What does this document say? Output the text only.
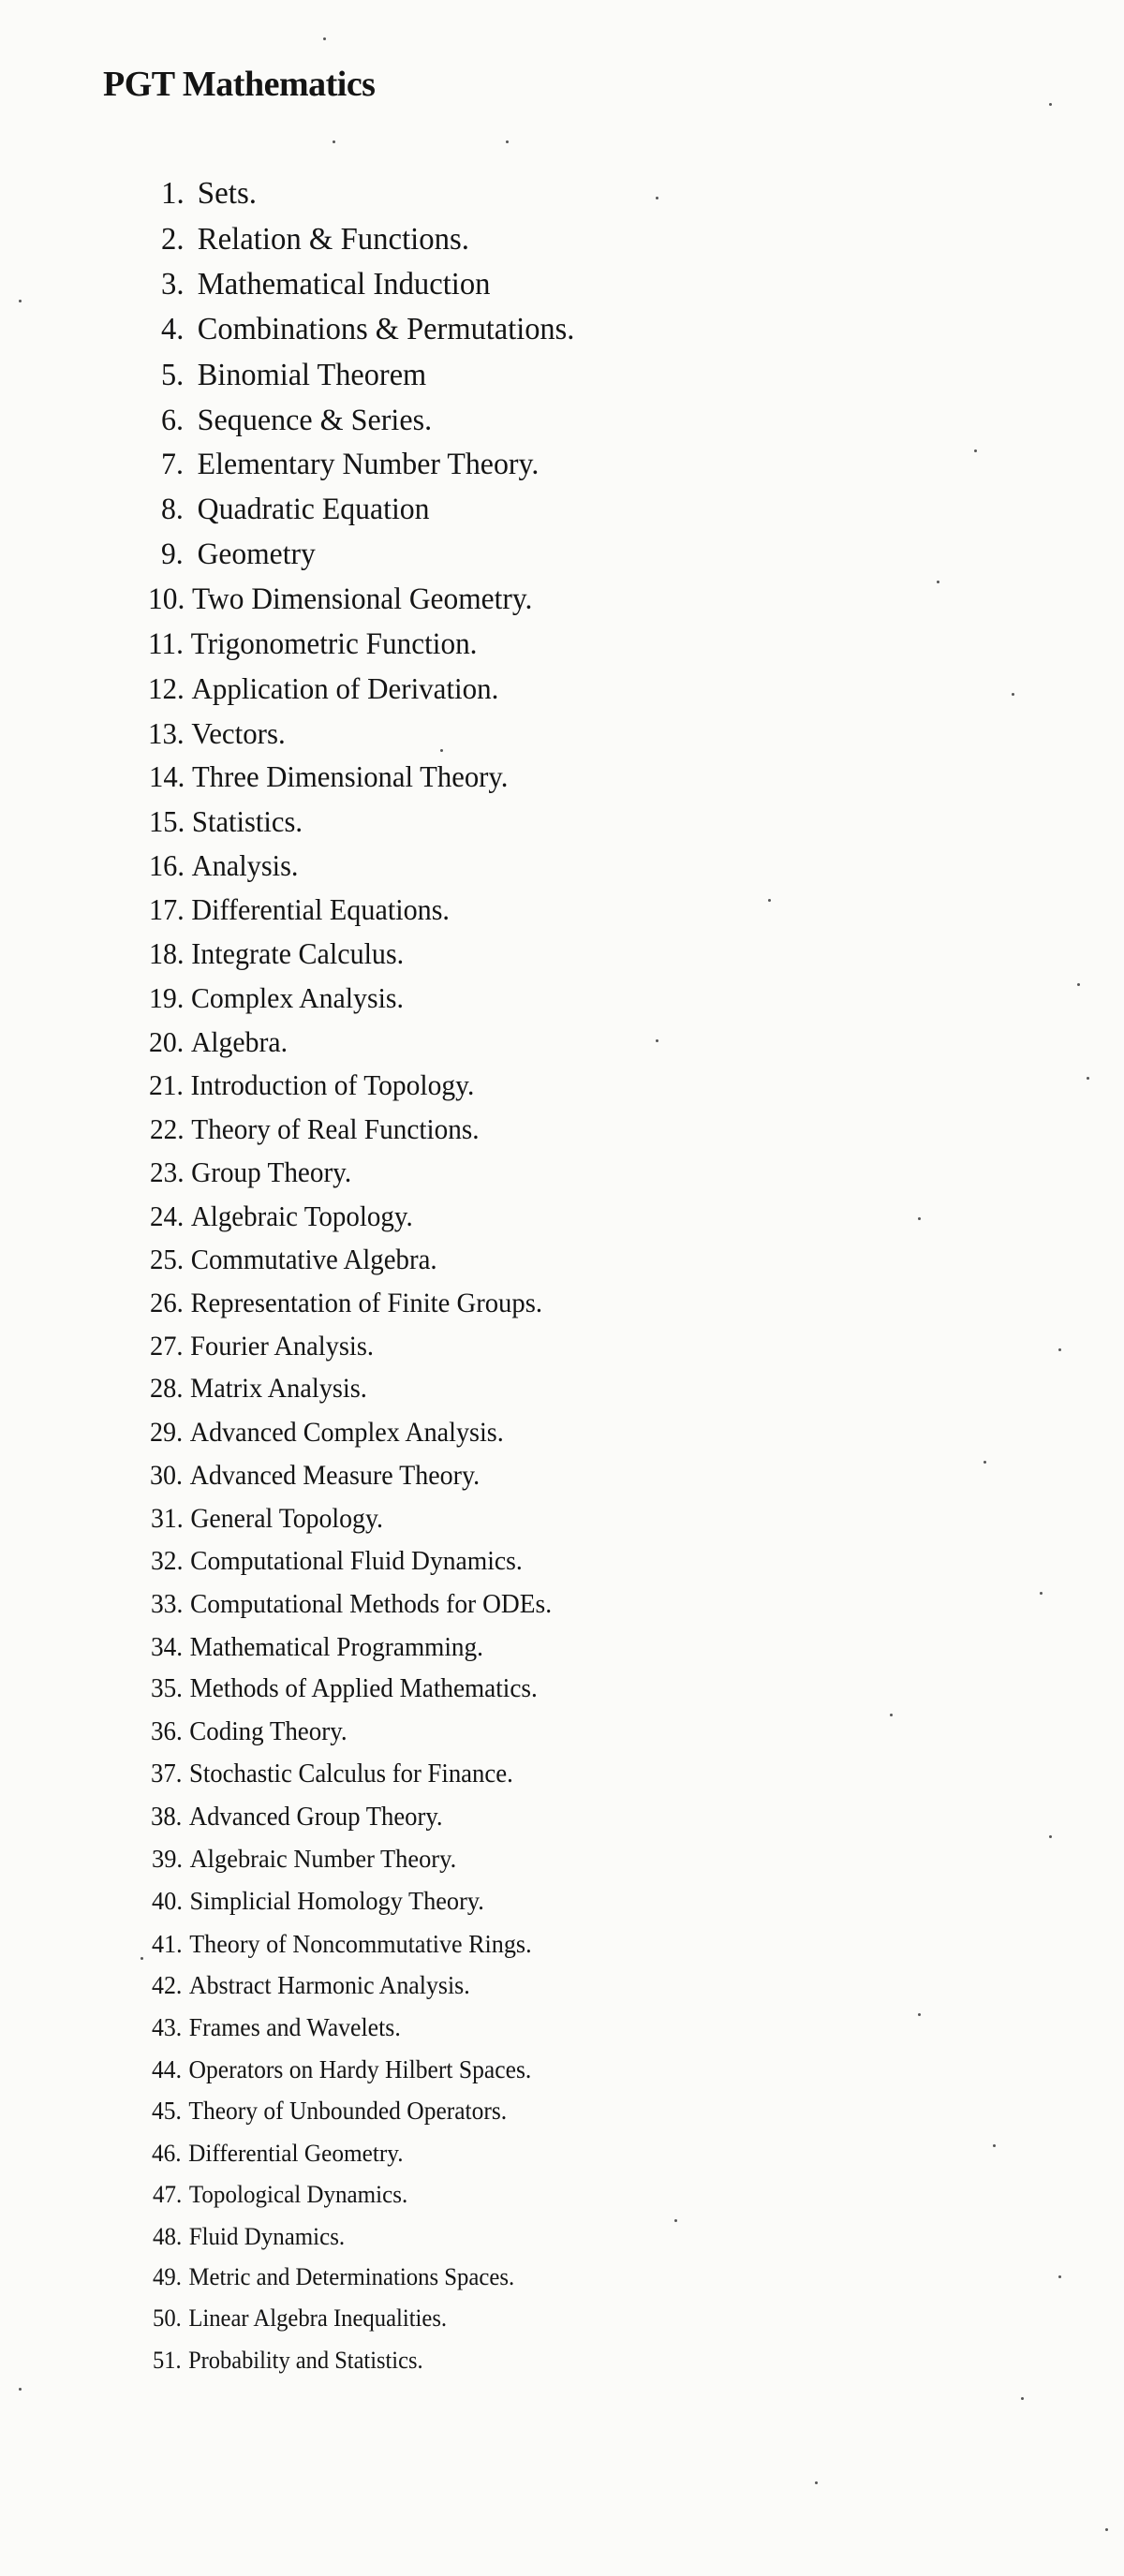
PGT Mathematics
1. Sets.
2. Relation & Functions.
3. Mathematical Induction
4. Combinations & Permutations.
5. Binomial Theorem
6. Sequence & Series.
7. Elementary Number Theory.
8. Quadratic Equation
9. Geometry
10. Two Dimensional Geometry.
11. Trigonometric Function.
12. Application of Derivation.
13. Vectors.
14. Three Dimensional Theory.
15. Statistics.
16. Analysis.
17. Differential Equations.
18. Integrate Calculus.
19. Complex Analysis.
20. Algebra.
21. Introduction of Topology.
22. Theory of Real Functions.
23. Group Theory.
24. Algebraic Topology.
25. Commutative Algebra.
26. Representation of Finite Groups.
27. Fourier Analysis.
28. Matrix Analysis.
29. Advanced Complex Analysis.
30. Advanced Measure Theory.
31. General Topology.
32. Computational Fluid Dynamics.
33. Computational Methods for ODEs.
34. Mathematical Programming.
35. Methods of Applied Mathematics.
36. Coding Theory.
37. Stochastic Calculus for Finance.
38. Advanced Group Theory.
39. Algebraic Number Theory.
40. Simplicial Homology Theory.
41. Theory of Noncommutative Rings.
42. Abstract Harmonic Analysis.
43. Frames and Wavelets.
44. Operators on Hardy Hilbert Spaces.
45. Theory of Unbounded Operators.
46. Differential Geometry.
47. Topological Dynamics.
48. Fluid Dynamics.
49. Metric and Determinations Spaces.
50. Linear Algebra Inequalities.
51. Probability and Statistics.
